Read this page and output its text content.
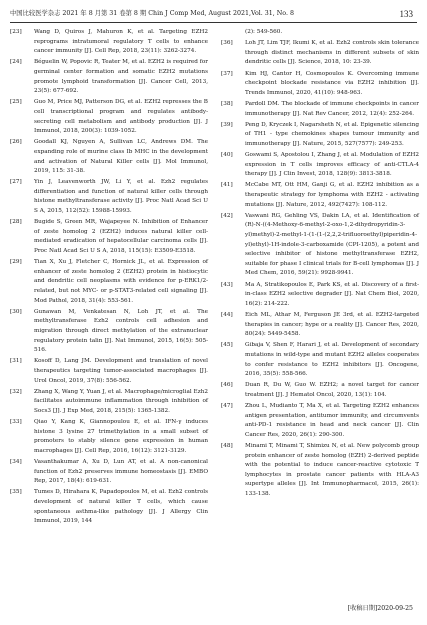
中国比较医学杂志 2021 年 8 月第 31 卷第 8 期 Chin J Comp Med, August 2021,Vol. 31, No. 8	133
[23] Wang D, Quiros J, Mahuron K, et al. Targeting EZH2 reprograms intratumoral regulatory T cells to enhance cancer immunity [J]. Cell Rep, 2018, 23(11): 3262-3274.
[24] Béguelin W, Popovic R, Teater M, et al. EZH2 is required for germinal center formation and somatic EZH2 mutations promote lymphoid transformation [J]. Cancer Cell, 2013, 23(5): 677-692.
[25] Guo M, Price MJ, Patterson DG, et al. EZH2 represses the B cell transcriptional program and regulates antibody-secreting cell metabolism and antibody production [J]. J Immunol, 2018, 200(3): 1039-1052.
[26] Goodall KJ, Nguyen A, Sullivan LC, Andrews DM. The expanding role of murine class Ib MHC in the development and activation of Natural Killer cells [J]. Mol Immunol, 2019, 115: 31-38.
[27] Yin J, Leavenworth JW, Li Y, et al. Ezh2 regulates differentiation and function of natural killer cells through histone methyltransferase activity [J]. Proc Natl Acad Sci U S A, 2015, 112(52): 15988-15993.
[28] Bugide S, Green MR, Wajapeyee N. Inhibition of Enhancer of zeste homolog 2 (EZH2) induces natural killer cell-mediated eradication of hepatocellular carcinoma cells [J]. Proc Natl Acad Sci U S A, 2018, 115(15): E3509-E3518.
[29] Tian X, Xu J, Fletcher C, Hornick JL, et al. Expression of enhancer of zeste homolog 2 (EZH2) protein in histiocytic and dendritic cell neoplasms with evidence for p-ERK1/2-related, but not MYC- or p-STAT3-related cell signaling [J]. Mod Pathol, 2018, 31(4): 553-561.
[30] Gunawan M, Venkatesan N, Loh JT, et al. The methyltransferase Ezh2 controls cell adhesion and migration through direct methylation of the extranuclear regulatory protein talin [J]. Nat Immunol, 2015, 16(5): 505-516.
[31] Kosoff D, Lang JM. Development and translation of novel therapeutics targeting tumor-associated macrophages [J]. Urol Oncol, 2019, 37(8): 556-562.
[32] Zhang X, Wang Y, Yuan J, et al. Macrophage/microglial Ezh2 facilitates autoimmune inflammation through inhibition of Socs3 [J]. J Exp Med, 2018, 215(5): 1365-1382.
[33] Qiao Y, Kang K, Giannopoulou E, et al. IFN-γ induces histone 3 lysine 27 trimethylation in a small subset of promoters to stably silence gene expression in human macrophages [J]. Cell Rep, 2016, 16(12): 3121-3129.
[34] Vasanthakumar A, Xu D, Lun AT, et al. A non-canonical function of Ezh2 preserves immune homeostasis [J]. EMBO Rep, 2017, 18(4): 619-631.
[35] Tumes D, Hirahara K, Papadopoulos M, et al. Ezh2 controls development of natural killer T cells, which cause spontaneous asthma-like pathology [J]. J Allergy Clin Immunol, 2019, 144
(2): 549-560.
[36] Loh JT, Lim TJF, Ikumi K, et al. Ezh2 controls skin tolerance through distinct mechanisms in different subsets of skin dendritic cells [J]. Science, 2018, 10: 23-39.
[37] Kim HJ, Cantor H, Cosmopoulos K. Overcoming immune checkpoint blockade resistance via EZH2 inhibition [J]. Trends Immunol, 2020, 41(10): 948-963.
[38] Pardoll DM. The blockade of immune checkpoints in cancer immunotherapy [J]. Nat Rev Cancer, 2012, 12(4): 252-264.
[39] Peng D, Kryczek I, Nagarsheth N, et al. Epigenetic silencing of TH1 - type chemokines shapes tumour immunity and immunotherapy [J]. Nature, 2015, 527(7577): 249-253.
[40] Goswami S, Apostolou I, Zhang J, et al. Modulation of EZH2 expression in T cells improves efficacy of anti-CTLA-4 therapy [J]. J Clin Invest, 2018, 128(9): 3813-3818.
[41] McCabe MT, Ott HM, Ganji G, et al. EZH2 inhibition as a therapeutic strategy for lymphoma with EZH2 - activating mutations [J]. Nature, 2012, 492(7427): 108-112.
[42] Vaswani RG, Gehling VS, Dakin LA, et al. Identification of (R)-N-((4-Methoxy-6-methyl-2-oxo-1,2-dihydropyridin-3-yl)methyl)-2-methyl-1-(1-(1-(2,2,2-trifluoroethyl)piperidin-4-yl)ethyl)-1H-indole-3-carboxamide (CPI-1205), a potent and selective inhibitor of histone methyltransferase EZH2, suitable for phase I clinical trials for B-cell lymphomas [J]. J Med Chem, 2016, 59(21): 9928-9941.
[43] Ma A, Stratikopoulos E, Park KS, et al. Discovery of a first-in-class EZH2 selective degrader [J]. Nat Chem Biol, 2020, 16(2): 214-222.
[44] Eich ML, Athar M, Ferguson JE 3rd, et al. EZH2-targeted therapies in cancer; hype or a reality [J]. Cancer Res, 2020, 80(24): 5449-5458.
[45] Gibaja V, Shen F, Harari J, et al. Development of secondary mutations in wild-type and mutant EZH2 alleles cooperates to confer resistance to EZH2 inhibitors [J]. Oncogene, 2016, 35(5): 558-566.
[46] Duan R, Du W, Guo W. EZH2; a novel target for cancer treatment [J]. J Hematol Oncol, 2020, 13(1): 104.
[47] Zhou L, Mudianto T, Ma X, et al. Targeting EZH2 enhances antigen presentation, antitumor immunity, and circumvents anti-PD-1 resistance in head and neck cancer [J]. Clin Cancer Res, 2020, 26(1): 290-300.
[48] Minami T, Minami T, Shimizu N, et al. New polycomb group protein enhancer of zeste homolog (EZH) 2-derived peptide with the potential to induce cancer-reactive cytotoxic T lymphocytes in prostate cancer patients with HLA-A3 supertype alleles [J]. Int Immunopharmacol, 2015, 26(1): 133-138.
[收稿日期]2020-09-25
